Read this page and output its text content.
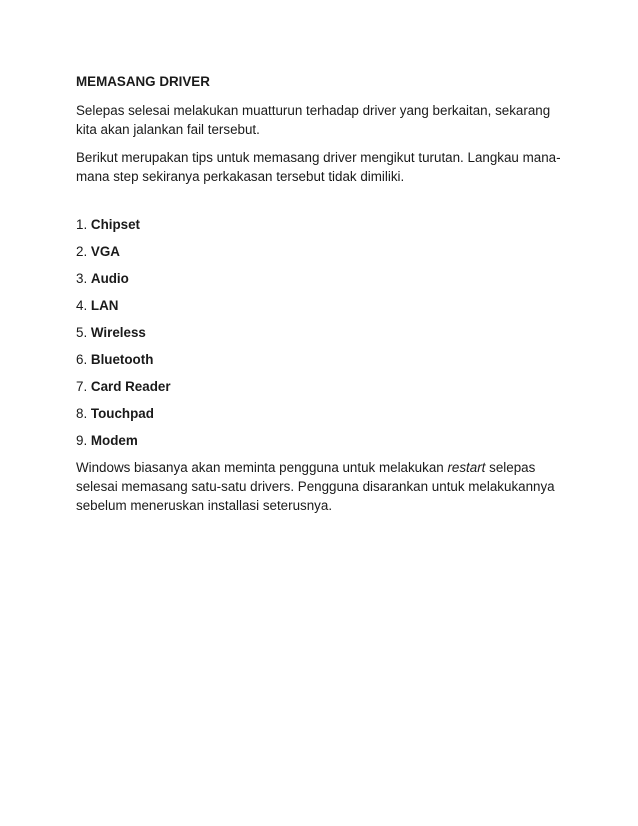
MEMASANG DRIVER

Selepas selesai melakukan muatturun terhadap driver yang berkaitan, sekarang kita akan jalankan fail tersebut.

Berikut merupakan tips untuk memasang driver mengikut turutan. Langkau mana-mana step sekiranya perkakasan tersebut tidak dimiliki.

1. Chipset
2. VGA
3. Audio
4. LAN
5. Wireless
6. Bluetooth
7. Card Reader
8. Touchpad
9. Modem

Windows biasanya akan meminta pengguna untuk melakukan restart selepas selesai memasang satu-satu drivers. Pengguna disarankan untuk melakukannya sebelum meneruskan installasi seterusnya.
